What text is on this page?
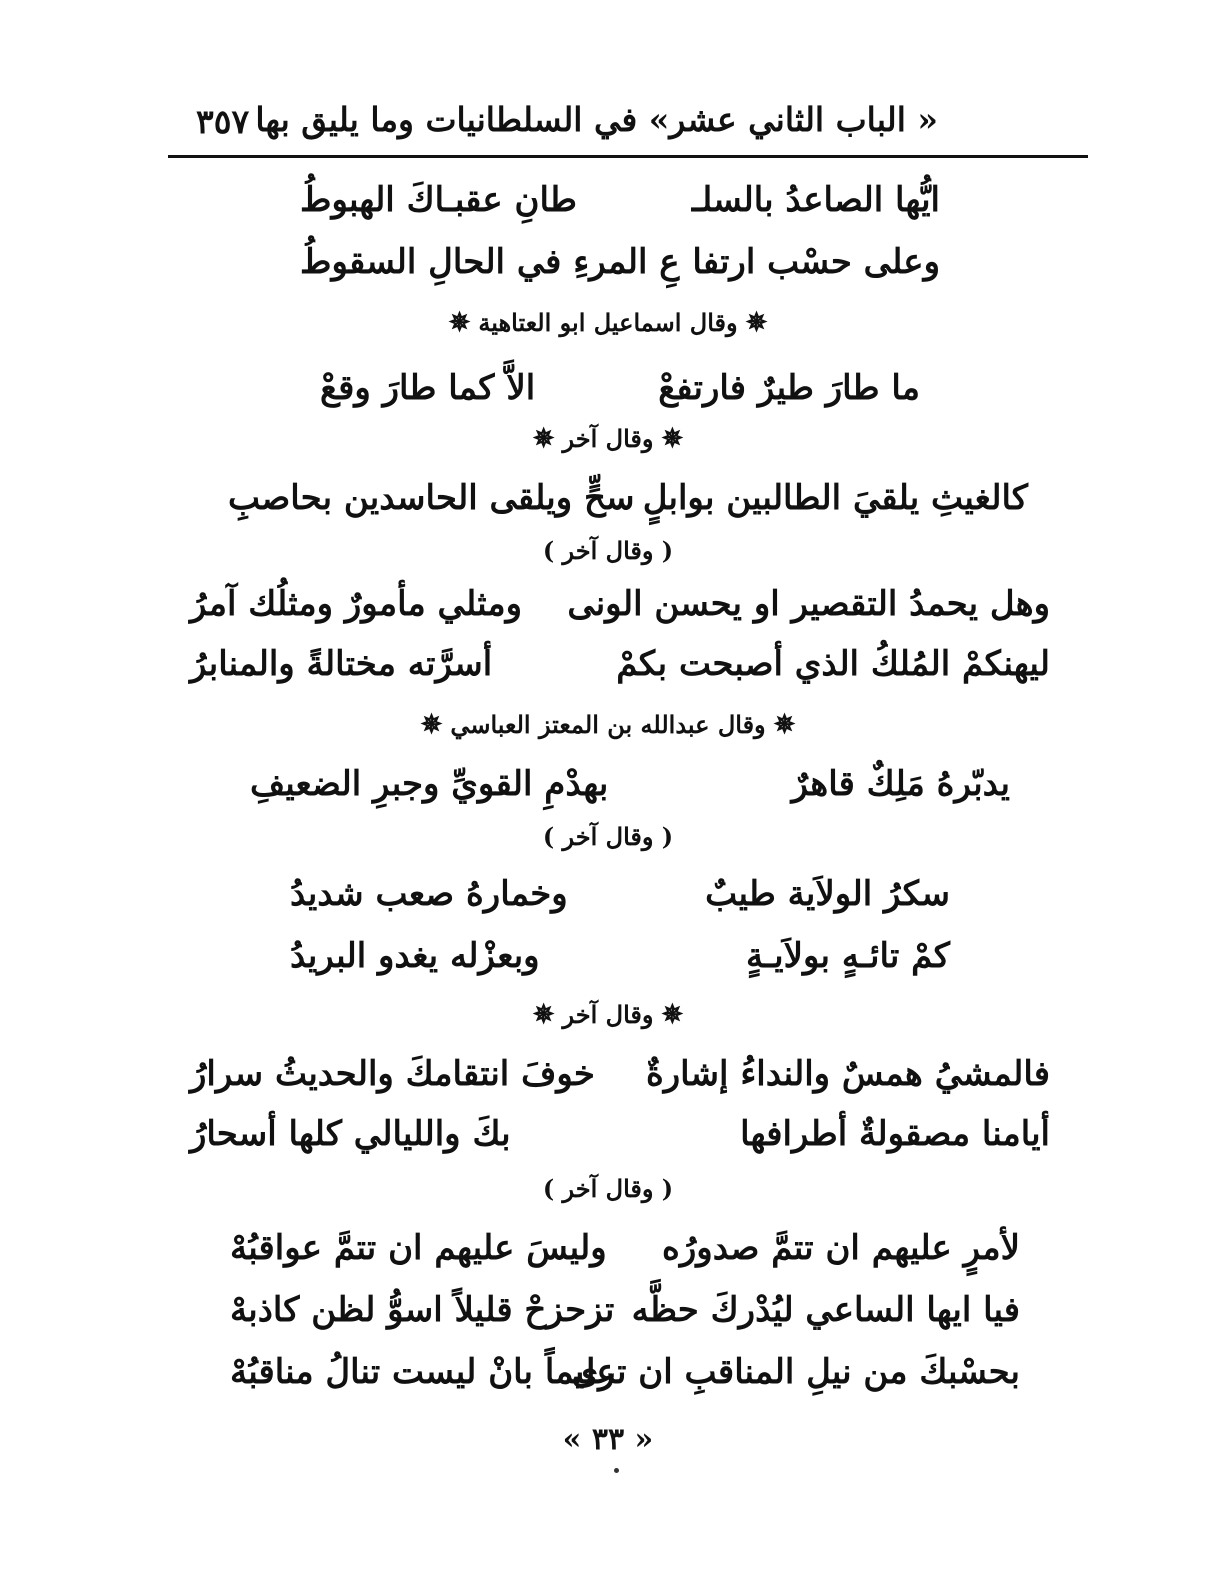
« الباب الثاني عشر» في السلطانيات وما يليق بها
٣٥٧
ايُّها الصاعدُ بالسلـ
طانِ عقبـاكَ الهبوطُ
وعلى حسْب ارتفا
عِ المرءِ في الحالِ السقوطُ
✵وقال اسماعيل ابو العتاهية✵
ما طارَ طيرٌ فارتفعْ
الاَّ كما طارَ وقعْ
✵وقال آخر✵
كالغيثِ يلقيَ الطالبين بوابلٍ
سحٍّ ويلقى الحاسدين بحاصبِ
( وقال آخر )
وهل يحمدُ التقصير او يحسن الونى
ومثلي مأمورٌ ومثلُك آمرُ
ليهنكمْ المُلكُ الذي أصبحت بكمْ
أسرَّته مختالةً والمنابرُ
✵وقال عبدالله بن المعتز العباسي✵
يدبّرهُ مَلِكٌ قاهرٌ
بهدْمِ القويِّ وجبرِ الضعيفِ
( وقال آخر )
سكرُ الولاَية طيبٌ
وخمارهُ صعب شديدُ
كمْ تائـهٍ بولاَيـةٍ
وبعزْله يغدو البريدُ
✵وقال آخر✵
فالمشيُ همسٌ والنداءُ إشارةٌ
خوفَ انتقامكَ والحديثُ سرارُ
أيامنا مصقولةٌ أطرافها
بكَ والليالي كلها أسحارُ
( وقال آخر )
لأمرٍ عليهم ان تتمَّ صدورُه
وليسَ عليهم ان تتمَّ عواقبُهْ
فيا ايها الساعي ليُدْركَ حظَّه
تزحزحْ قليلاً اسوُّ لظن كاذبهْ
بحسْبكَ من نيلِ المناقبِ ان ترى
عليماً بانْ ليست تنالُ مناقبُهْ
« ٣٣ »
